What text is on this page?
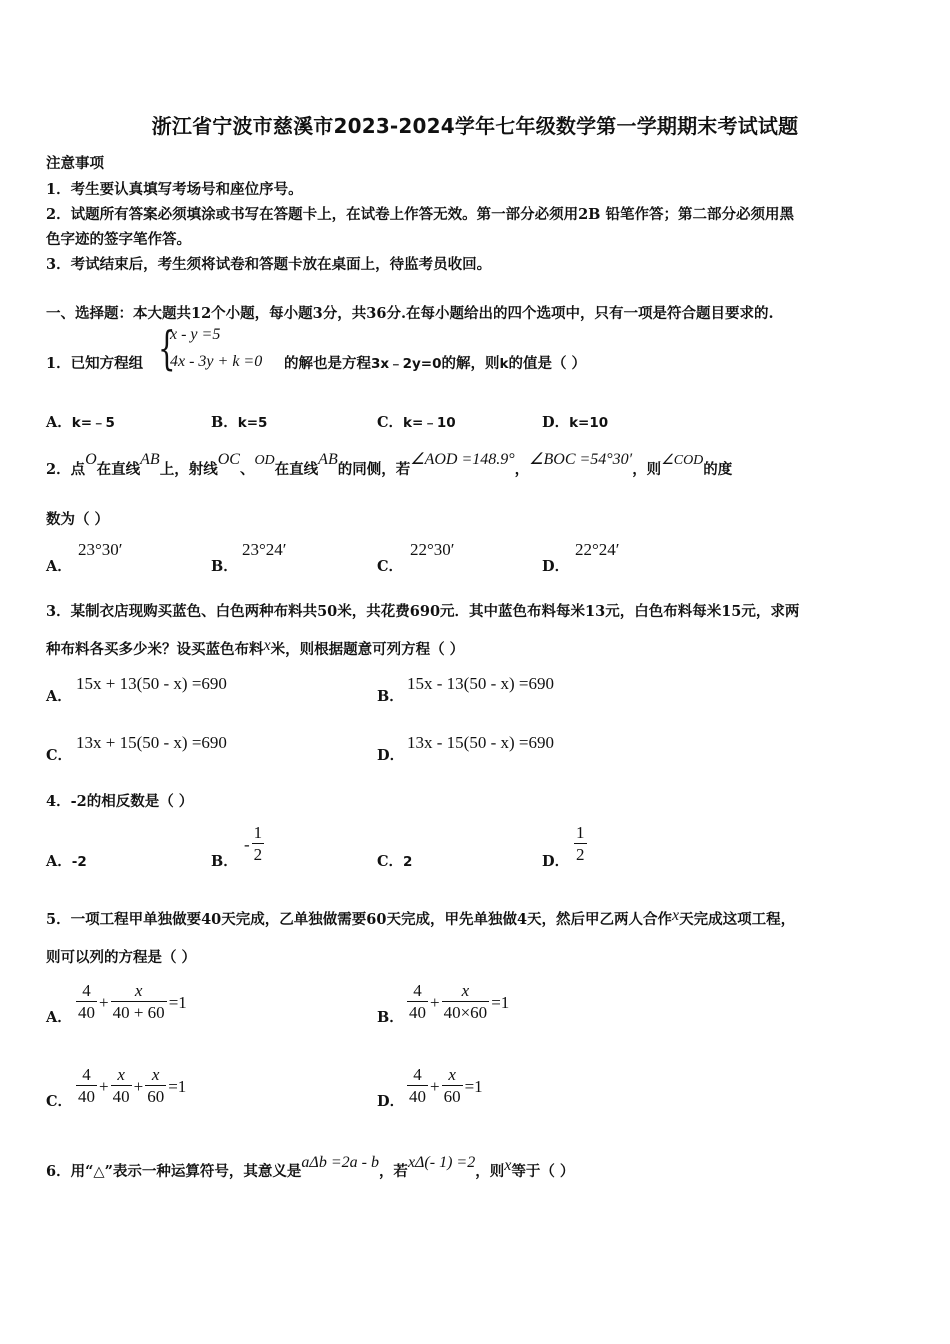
浙江省宁波市慈溪市2023-2024学年七年级数学第一学期期末考试试题
注意事项
1．考生要认真填写考场号和座位序号。
2．试题所有答案必须填涂或书写在答题卡上，在试卷上作答无效。第一部分必须用2B 铅笔作答；第二部分必须用黑
色字迹的签字笔作答。
3．考试结束后，考生须将试卷和答题卡放在桌面上，待监考员收回。
一、选择题：本大题共12个小题，每小题3分，共36分.在每小题给出的四个选项中，只有一项是符合题目要求的.
1．已知方程组 {
x - y =5
4x - 3y + k =0 的解也是方程3x﹣2y=0的解，则k的值是（ ）
A．k=﹣5	B．k=5	C．k=﹣10	D．k=10
2．点O在直线AB上，射线OC、OD在直线AB的同侧，若∠AOD =148.9°，∠BOC =54°30′，则∠COD的度
数为（ ）
A．
23°30′
B．
23°24′
C．
22°30′
D．
22°24′
3．某制衣店现购买蓝色、白色两种布料共50米，共花费690元．其中蓝色布料每米13元，白色布料每米15元，求两
种布料各买多少米？设买蓝色布料x米，则根据题意可列方程（ ）
A．
15x + 13(50 - x) =690
B．
15x - 13(50 - x) =690
C．
13x + 15(50 - x) =690
D．
13x - 15(50 - x) =690
4．-2的相反数是（ ）
A．-2	B．
- $\frac{1}{2}$	C．2	D． $\frac{1}{2}$
5．一项工程甲单独做要40天完成，乙单独做需要60天完成，甲先单独做4天，然后甲乙两人合作x天完成这项工程，
则可以列的方程是（ ）
A． $\frac{4}{40} + \frac{x}{40 + 60} =1$
B． $\frac{4}{40} + \frac{x}{40\times 60} =1$
C． $\frac{4}{40} + \frac{x}{40} + \frac{x}{60} =1$
D． $\frac{4}{40} + \frac{x}{60} =1$
6．用“△”表示一种运算符号，其意义是aΔb =2a - b，若xΔ(- 1) =2，则x等于（ ）
